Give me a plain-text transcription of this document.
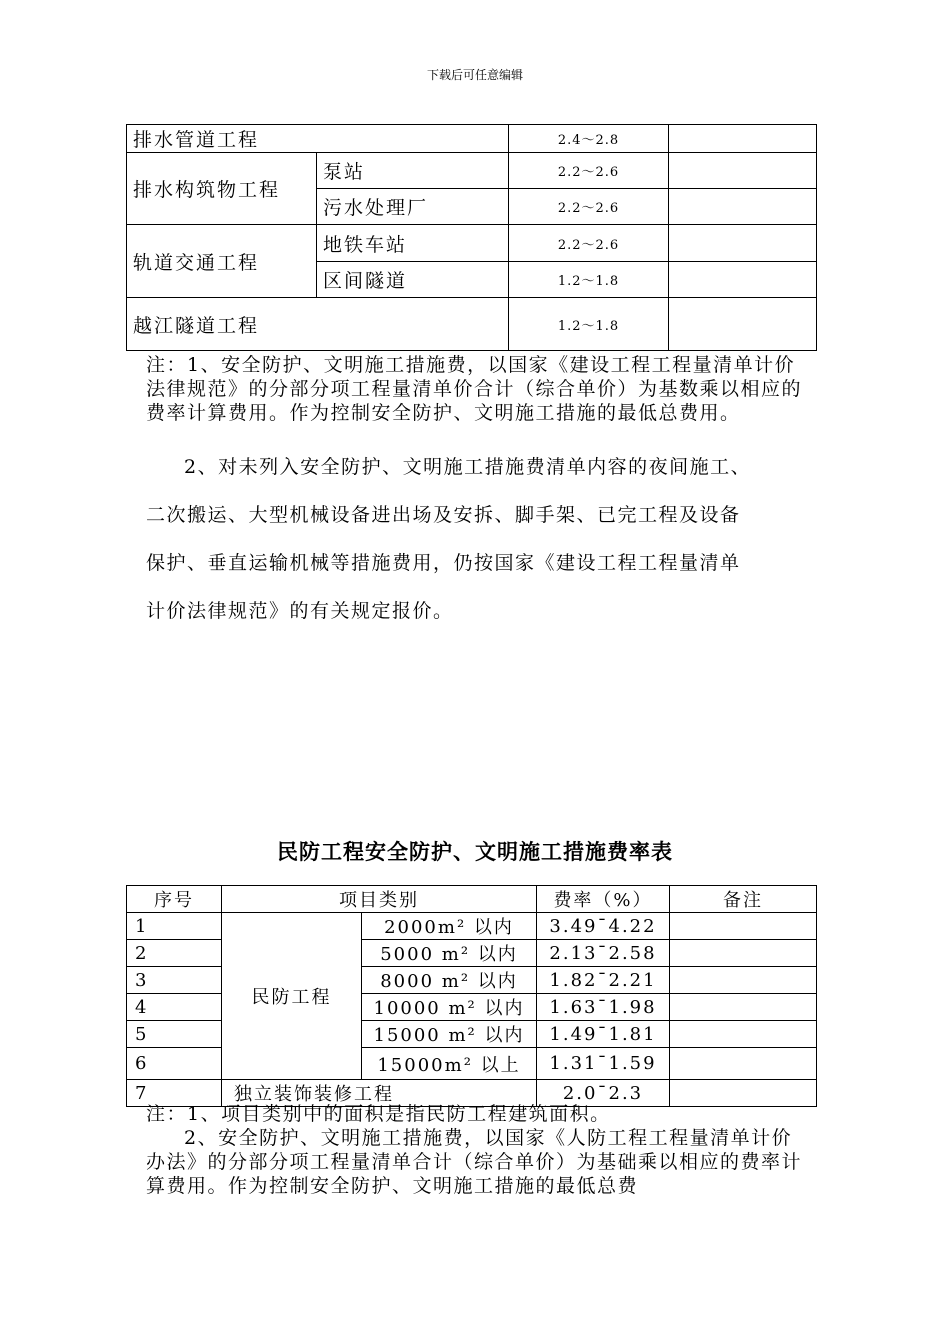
下载后可任意编辑
排水管道工程		2.4～2.8	
排水构筑物工程	泵站	2.2～2.6	
	污水处理厂	2.2～2.6	
轨道交通工程	地铁车站	2.2～2.6	
	区间隧道	1.2～1.8	
越江隧道工程		1.2～1.8	
注：1、安全防护、文明施工措施费，以国家《建设工程工程量清单计价法律规范》的分部分项工程量清单价合计（综合单价）为基数乘以相应的费率计算费用。作为控制安全防护、文明施工措施的最低总费用。
2、对未列入安全防护、文明施工措施费清单内容的夜间施工、
二次搬运、大型机械设备进出场及安拆、脚手架、已完工程及设备
保护、垂直运输机械等措施费用，仍按国家《建设工程工程量清单
计价法律规范》的有关规定报价。
民防工程安全防护、文明施工措施费率表
序号	项目类别		费率（%）	备注
1	民防工程	2000m² 以内	3.49¯4.22	
2		5000 m² 以内	2.13¯2.58	
3		8000 m² 以内	1.82¯2.21	
4		10000 m² 以内	1.63¯1.98	
5		15000 m² 以内	1.49¯1.81	
6		15000m² 以上	1.31¯1.59	
7	独立装饰装修工程		2.0¯2.3	
注：1、项目类别中的面积是指民防工程建筑面积。
2、安全防护、文明施工措施费，以国家《人防工程工程量清单计价办法》的分部分项工程量清单合计（综合单价）为基础乘以相应的费率计算费用。作为控制安全防护、文明施工措施的最低总费
